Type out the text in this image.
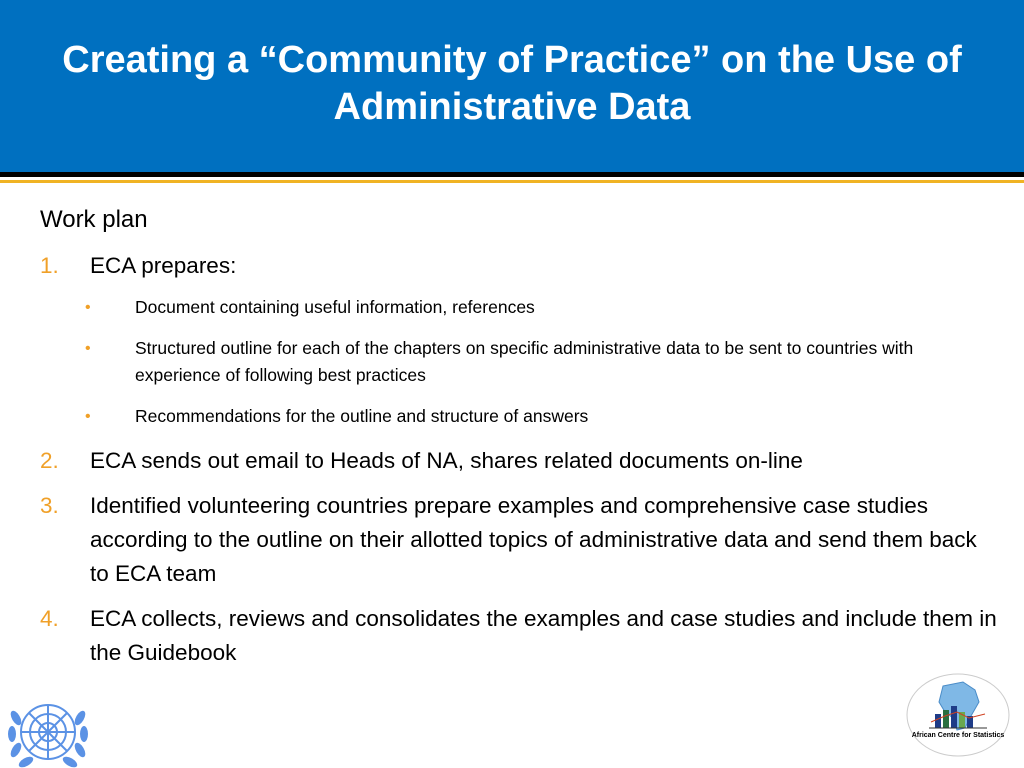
Creating a “Community of Practice” on the Use of Administrative Data
Work plan
1. ECA prepares:
•	Document containing useful information, references
•	Structured outline for each of the chapters on specific administrative data to be sent to countries with experience of following best practices
•	Recommendations for the outline and structure of answers
2. ECA sends out email to Heads of NA, shares related documents on-line
3. Identified volunteering countries prepare examples and comprehensive case studies according to the outline on their allotted topics of administrative data and send them back to ECA team
4. ECA collects, reviews and consolidates the examples and case studies and include them in the Guidebook
African Centre for Statistics
